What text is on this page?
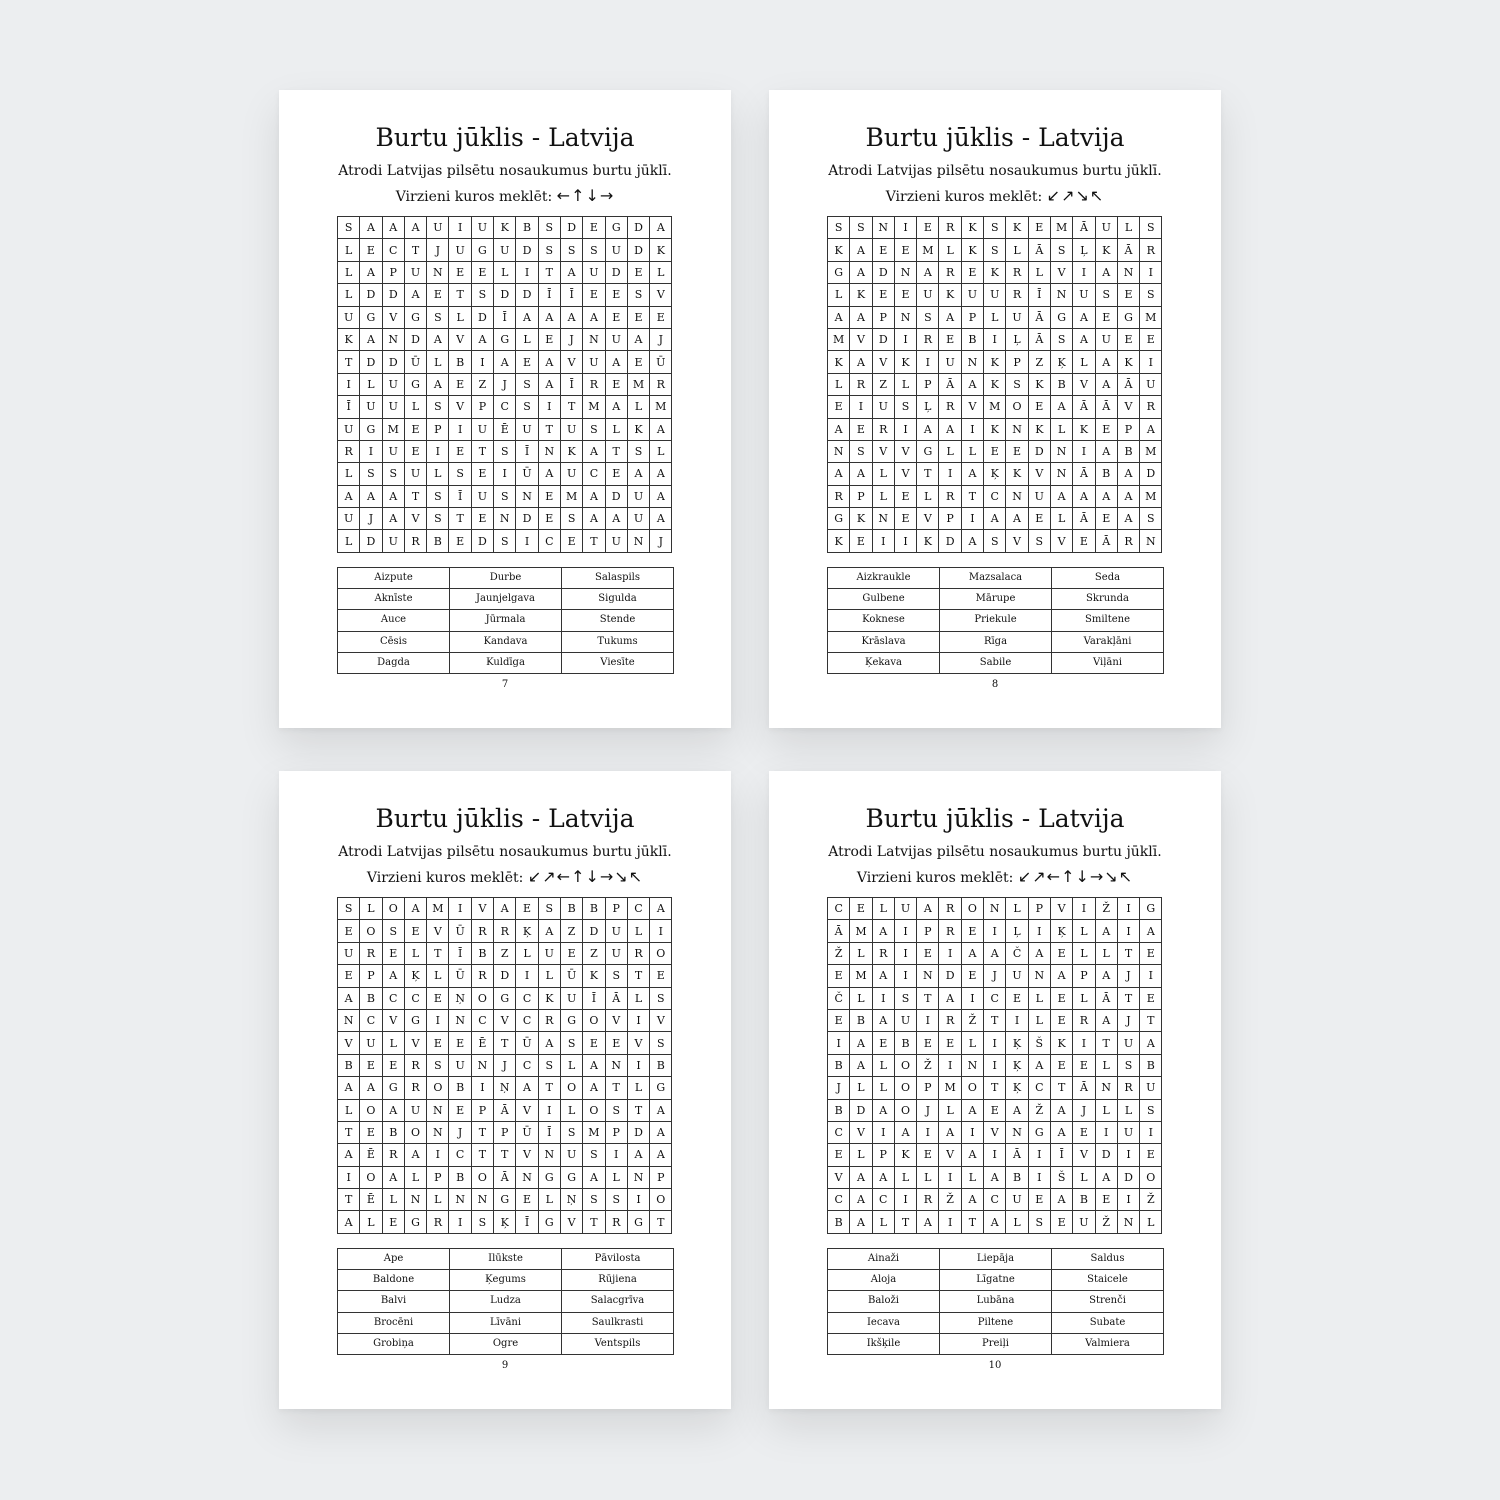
Burtu jūklis - Latvija
Atrodi Latvijas pilsētu nosaukumus burtu jūklī.
Virzieni kuros meklēt: ←↑↓→
S	A	A	A	U	I	U	K	B	S	D	E	G	D	A
L	E	C	T	J	U	G	U	D	S	S	S	U	D	K
L	A	P	U	N	E	E	L	I	T	A	U	D	E	L
L	D	D	A	E	T	S	D	D	Ī	Ī	E	E	S	V
U	G	V	G	S	L	D	Ī	A	A	A	A	E	E	E
K	A	N	D	A	V	A	G	L	E	J	N	U	A	J
T	D	D	Ū	L	B	I	A	E	A	V	U	A	E	Ū
I	L	U	G	A	E	Z	J	S	A	Ī	R	E	M	R
Ī	U	U	L	S	V	P	C	S	I	T	M	A	L	M
U	G	M	E	P	I	U	Ē	U	T	U	S	L	K	A
R	I	U	E	I	E	T	S	Ī	N	K	A	T	S	L
L	S	S	U	L	S	E	I	Ū	A	U	C	E	A	A
A	A	A	T	S	Ī	U	S	N	E	M	A	D	U	A
U	J	A	V	S	T	E	N	D	E	S	A	A	U	A
L	D	U	R	B	E	D	S	I	C	E	T	U	N	J
Aizpute	Durbe	Salaspils
Aknīste	Jaunjelgava	Sigulda
Auce	Jūrmala	Stende
Cēsis	Kandava	Tukums
Dagda	Kuldīga	Viesīte
7
Burtu jūklis - Latvija
Atrodi Latvijas pilsētu nosaukumus burtu jūklī.
Virzieni kuros meklēt: ↙↗↘↖
S	S	N	I	E	R	K	S	K	E	M	Ā	U	L	S
K	A	E	E	M	L	K	S	L	Ā	S	Ļ	K	Ā	R
G	A	D	N	A	R	E	K	R	L	V	I	A	N	I
L	K	E	E	U	K	U	U	R	Ī	N	U	S	E	S
A	A	P	N	S	A	P	L	U	Ā	G	A	E	G	M
M	V	D	I	R	E	B	I	Ļ	Ā	S	A	U	E	E
K	A	V	K	I	U	N	K	P	Z	Ķ	L	A	K	I
L	R	Z	L	P	Ā	A	K	S	K	B	V	A	Ā	U
E	I	U	S	Ļ	R	V	M	O	E	A	Ā	Ā	V	R
A	E	R	I	A	A	I	K	N	K	L	K	E	P	A
N	S	V	V	G	L	L	E	E	D	N	I	A	B	M
A	A	L	V	T	I	A	Ķ	K	V	N	Ā	B	A	D
R	P	L	E	L	R	T	C	N	U	A	A	A	A	M
G	K	N	E	V	P	I	A	A	E	L	Ā	E	A	S
K	E	I	I	K	D	A	S	V	S	V	E	Ā	R	N
Aizkraukle	Mazsalaca	Seda
Gulbene	Mārupe	Skrunda
Koknese	Priekule	Smiltene
Krāslava	Rīga	Varakļāni
Ķekava	Sabile	Viļāni
8
Burtu jūklis - Latvija
Atrodi Latvijas pilsētu nosaukumus burtu jūklī.
Virzieni kuros meklēt: ↙↗←↑↓→↘↖
S	L	O	A	M	I	V	A	E	S	B	B	P	C	A
E	O	S	E	V	Ū	R	R	Ķ	A	Z	D	U	L	I
U	R	E	L	T	Ī	B	Z	L	U	E	Z	U	R	O
E	P	A	Ķ	L	Ū	R	D	I	L	Ū	K	S	T	E
A	B	C	C	E	Ņ	O	G	C	K	U	Ī	Ā	L	S
N	C	V	G	I	N	C	V	C	R	G	O	V	I	V
V	U	L	V	E	E	Ē	T	Ū	A	S	E	E	V	S
B	E	E	R	S	U	N	J	C	S	L	A	N	I	B
A	A	G	R	O	B	I	Ņ	A	T	O	A	T	L	G
L	O	A	U	N	E	P	Ā	V	I	L	O	S	T	A
T	E	B	O	N	J	T	P	Ū	Ī	S	M	P	D	A
A	Ē	R	A	I	C	T	T	V	N	U	S	I	A	A
I	O	A	L	P	B	O	Ā	N	G	G	A	L	N	P
T	Ē	L	N	L	N	N	G	E	L	Ņ	S	S	I	O
A	L	E	G	R	I	S	Ķ	Ī	G	V	T	R	G	T
Ape	Ilūkste	Pāvilosta
Baldone	Ķegums	Rūjiena
Balvi	Ludza	Salacgrīva
Brocēni	Līvāni	Saulkrasti
Grobiņa	Ogre	Ventspils
9
Burtu jūklis - Latvija
Atrodi Latvijas pilsētu nosaukumus burtu jūklī.
Virzieni kuros meklēt: ↙↗←↑↓→↘↖
C	E	L	U	A	R	O	N	L	P	V	I	Ž	I	G
Ā	M	A	I	P	R	E	I	Ļ	I	Ķ	L	A	I	A
Ž	L	R	I	E	I	A	A	Č	A	E	L	L	T	E
E	M	A	I	N	D	E	J	U	N	A	P	A	J	I
Č	L	I	S	T	A	I	C	E	L	E	L	Ā	T	E
E	B	A	U	I	R	Ž	T	I	L	E	R	A	J	T
I	A	E	B	E	E	L	I	Ķ	Š	K	I	T	U	A
B	A	L	O	Ž	I	N	I	Ķ	A	E	E	L	S	B
J	L	L	O	P	M	O	T	Ķ	C	T	Ā	N	R	U
B	D	A	O	J	L	A	E	A	Ž	A	J	L	L	S
C	V	I	A	I	A	I	V	N	G	A	E	I	U	I
E	L	P	K	E	V	A	I	Ā	I	Ī	V	D	I	E
V	A	A	L	L	I	L	A	B	I	Š	L	A	D	O
C	A	C	I	R	Ž	A	C	U	E	A	B	E	I	Ž
B	A	L	T	A	I	T	A	L	S	E	U	Ž	N	L
Ainaži	Liepāja	Saldus
Aloja	Līgatne	Staicele
Baloži	Lubāna	Strenči
Iecava	Piltene	Subate
Ikšķile	Preiļi	Valmiera
10
